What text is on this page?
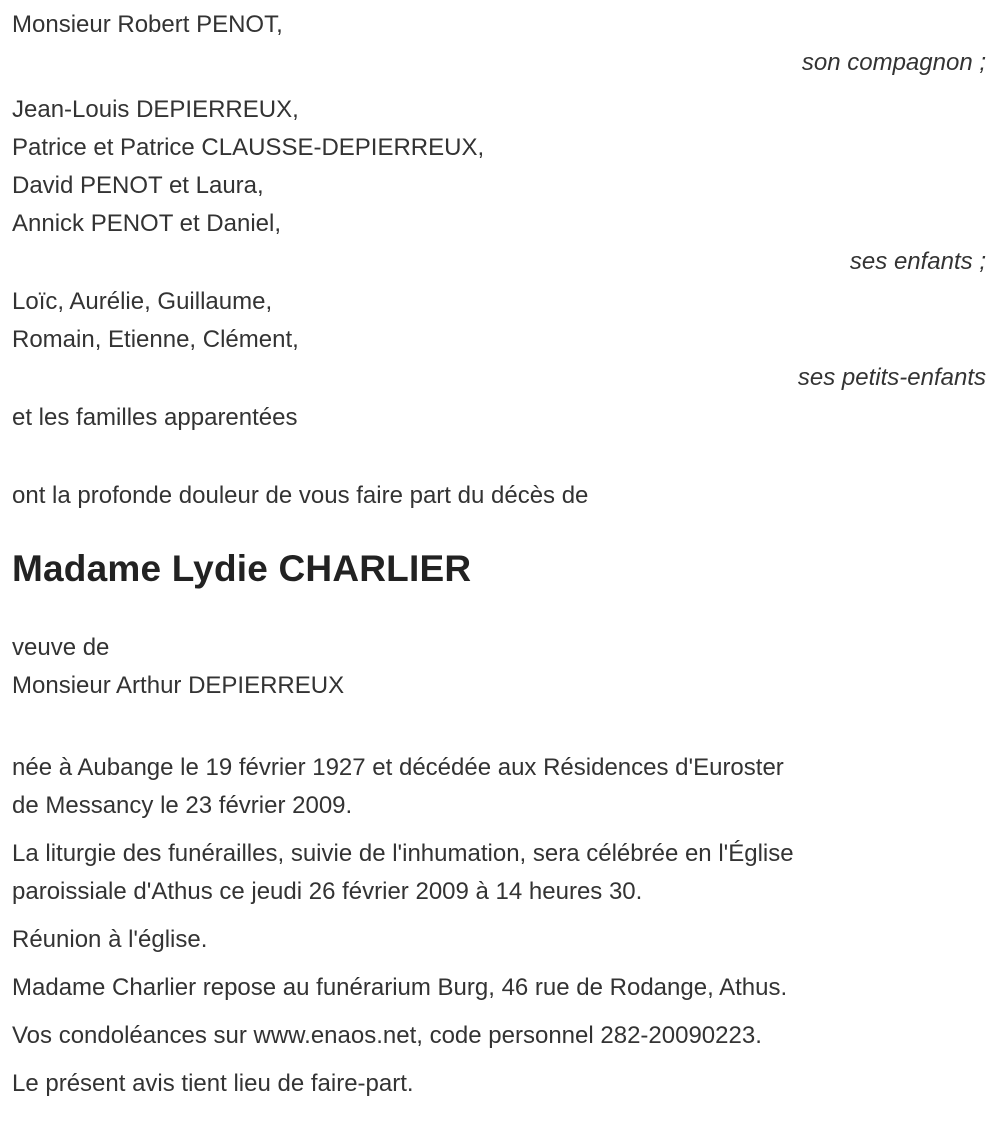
Monsieur Robert PENOT,
son compagnon ;
Jean-Louis DEPIERREUX,
Patrice et Patrice CLAUSSE-DEPIERREUX,
David PENOT et Laura,
Annick PENOT et Daniel,
ses enfants ;
Loïc, Aurélie, Guillaume,
Romain, Etienne, Clément,
ses petits-enfants
et les familles apparentées
ont la profonde douleur de vous faire part du décès de
Madame Lydie CHARLIER
veuve de
Monsieur Arthur DEPIERREUX
née à Aubange le 19 février 1927 et décédée aux Résidences d'Euroster
de Messancy le 23 février 2009.
La liturgie des funérailles, suivie de l'inhumation, sera célébrée en l'Église
paroissiale d'Athus ce jeudi 26 février 2009 à 14 heures 30.
Réunion à l'église.
Madame Charlier repose au funérarium Burg, 46 rue de Rodange, Athus.
Vos condoléances sur www.enaos.net, code personnel 282-20090223.
Le présent avis tient lieu de faire-part.
